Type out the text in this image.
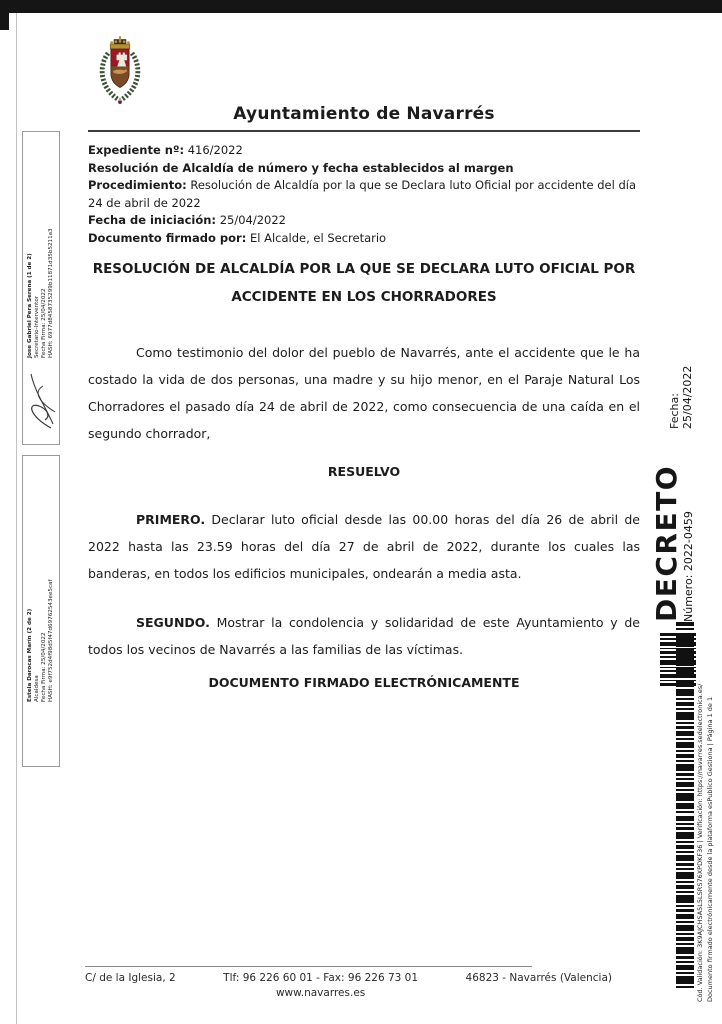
Ayuntamiento de Navarrés
Expediente nº: 416/2022
Resolución de Alcaldía de número y fecha establecidos al margen
Procedimiento: Resolución de Alcaldía por la que se Declara luto Oficial por accidente del día 24 de abril de 2022
Fecha de iniciación: 25/04/2022
Documento firmado por: El Alcalde, el Secretario
RESOLUCIÓN DE ALCALDÍA POR LA QUE SE DECLARA LUTO OFICIAL POR ACCIDENTE EN LOS CHORRADORES
Como testimonio del dolor del pueblo de Navarrés, ante el accidente que le ha costado la vida de dos personas, una madre y su hijo menor, en el Paraje Natural Los Chorradores el pasado día 24 de abril de 2022, como consecuencia de una caída en el segundo chorrador,
RESUELVO
PRIMERO. Declarar luto oficial desde las 00.00 horas del día 26 de abril de 2022 hasta las 23.59 horas del día 27 de abril de 2022, durante los cuales las banderas, en todos los edificios municipales, ondearán a media asta.
SEGUNDO. Mostrar la condolencia y solidaridad de este Ayuntamiento y de todos los vecinos de Navarrés a las familias de las víctimas.
DOCUMENTO FIRMADO ELECTRÓNICAMENTE
Jose Gabriel Pera Serena (1 de 2) Secretario-Interventor Fecha Firma: 25/04/2022 HASH: 6977d8458735299b11871d35b5211a3
Estela Darocas Marín (2 de 2) Alcaldesa Fecha Firma: 25/04/2022 HASH: e9f752d4f98d5f47d69762543ee5caf
DECRETO Número: 2022-0459
Fecha: 25/04/2022
Cód. Validación: 3K9AJCHSA5L5LSRS76XPDKF36 | Verificación: https://navarres.sedelectronica.es/ Documento firmado electrónicamente desde la plataforma esPublico Gestiona | Página 1 de 1
C/ de la Iglesia, 2	Tlf: 96 226 60 01 - Fax: 96 226 73 01
www.navarres.es
46823 - Navarrés (Valencia)
